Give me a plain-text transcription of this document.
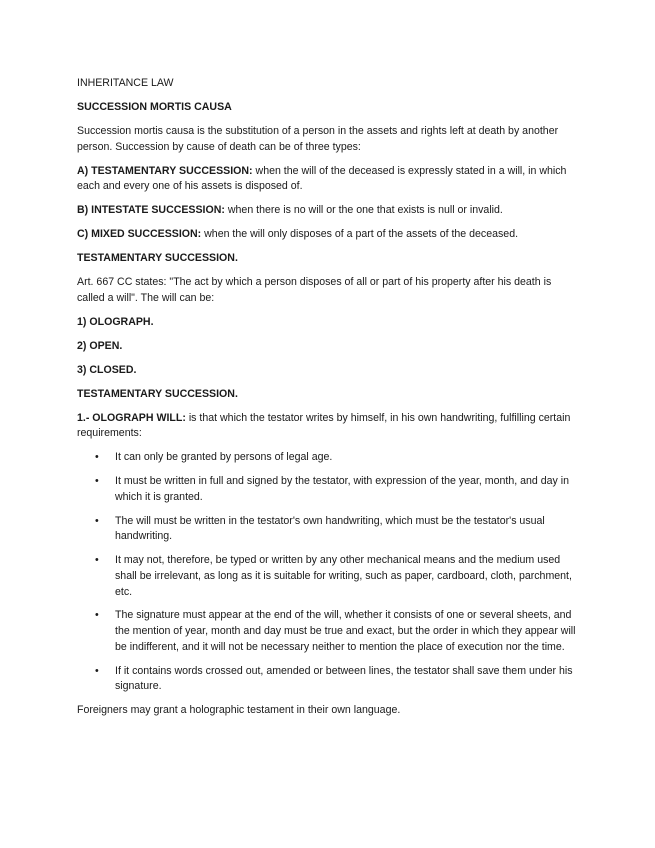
INHERITANCE LAW

SUCCESSION MORTIS CAUSA

Succession mortis causa is the substitution of a person in the assets and rights left at death by another person. Succession by cause of death can be of three types:

A) TESTAMENTARY SUCCESSION: when the will of the deceased is expressly stated in a will, in which each and every one of his assets is disposed of.

B) INTESTATE SUCCESSION: when there is no will or the one that exists is null or invalid.

C) MIXED SUCCESSION: when the will only disposes of a part of the assets of the deceased.

TESTAMENTARY SUCCESSION.

Art. 667 CC states: "The act by which a person disposes of all or part of his property after his death is called a will". The will can be:

1) OLOGRAPH.

2) OPEN.

3) CLOSED.

TESTAMENTARY SUCCESSION.

1.- OLOGRAPH WILL: is that which the testator writes by himself, in his own handwriting, fulfilling certain requirements:

• It can only be granted by persons of legal age.
• It must be written in full and signed by the testator, with expression of the year, month, and day in which it is granted.
• The will must be written in the testator's own handwriting, which must be the testator's usual handwriting.
• It may not, therefore, be typed or written by any other mechanical means and the medium used shall be irrelevant, as long as it is suitable for writing, such as paper, cardboard, cloth, parchment, etc.
• The signature must appear at the end of the will, whether it consists of one or several sheets, and the mention of year, month and day must be true and exact, but the order in which they appear will be indifferent, and it will not be necessary neither to mention the place of execution nor the time.
• If it contains words crossed out, amended or between lines, the testator shall save them under his signature.

Foreigners may grant a holographic testament in their own language.
